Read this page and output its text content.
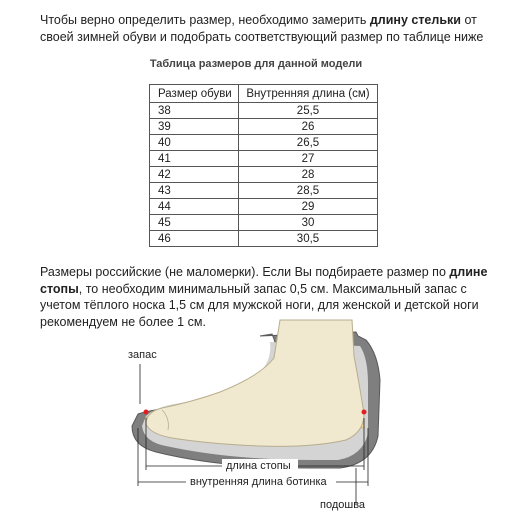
Чтобы верно определить размер, необходимо замерить длину стельки от своей зимней обуви и подобрать соответствующий размер по таблице ниже
Таблица размеров для данной модели
Размер обуви	Внутренняя длина (см)
38	25,5
39	26
40	26,5
41	27
42	28
43	28,5
44	29
45	30
46	30,5
Размеры российские (не маломерки). Если Вы подбираете размер по длине стопы, то необходим минимальный запас 0,5 см. Максимальный запас с учетом тёплого носка 1,5 см для мужской ноги, для женской и детской ноги рекомендуем не более 1 см.
запас
длина стопы
внутренняя длина ботинка
подошва
